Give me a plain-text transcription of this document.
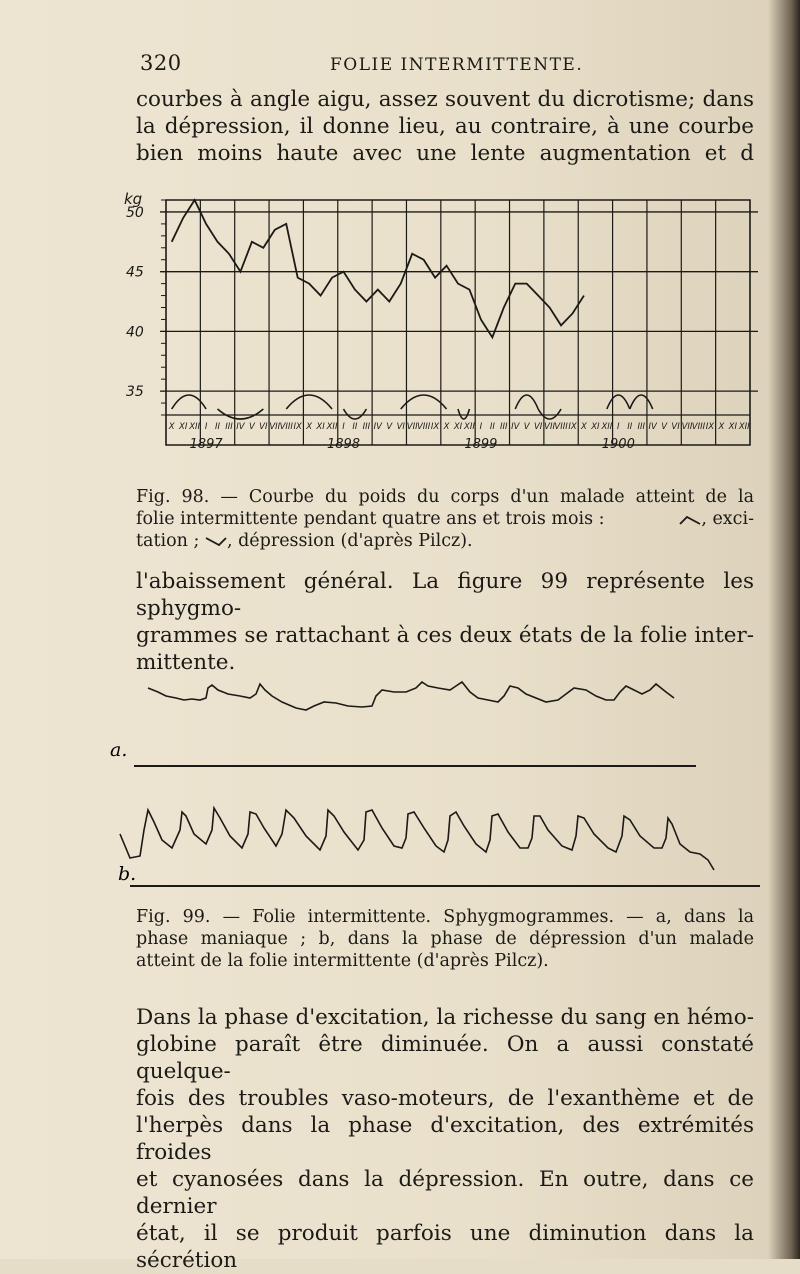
320	FOLIE INTERMITTENTE.
courbes à angle aigu, assez souvent du dicrotisme; dans
la dépression, il donne lieu, au contraire, à une courbe
bien moins haute avec une lente augmentation et d
kg
50
45
40
35
X XI XII I II III IV V VI VII VIII IX X XI XII I II III IV V VI VII VIII IX X XI XII I II III IV V VI VII VIII IX X XI XII I II III IV V VI VII VIII IX X XI XII
1897	1898	1899	1900
Fig. 98. — Courbe du poids du corps d'un malade atteint de la
folie intermittente pendant quatre ans et trois mois :	, exci-
tation ; , dépression (d'après Pilcz).
l'abaissement général. La figure 99 représente les sphygmo-
grammes se rattachant à ces deux états de la folie inter-
mittente.
a.
b.
Fig. 99. — Folie intermittente. Sphygmogrammes. — a, dans la
phase maniaque ; b, dans la phase de dépression d'un malade
atteint de la folie intermittente (d'après Pilcz).
Dans la phase d'excitation, la richesse du sang en hémo-
globine paraît être diminuée. On a aussi constaté quelque-
fois des troubles vaso-moteurs, de l'exanthème et de
l'herpès dans la phase d'excitation, des extrémités froides
et cyanosées dans la dépression. En outre, dans ce dernier
état, il se produit parfois une diminution dans la sécrétion
